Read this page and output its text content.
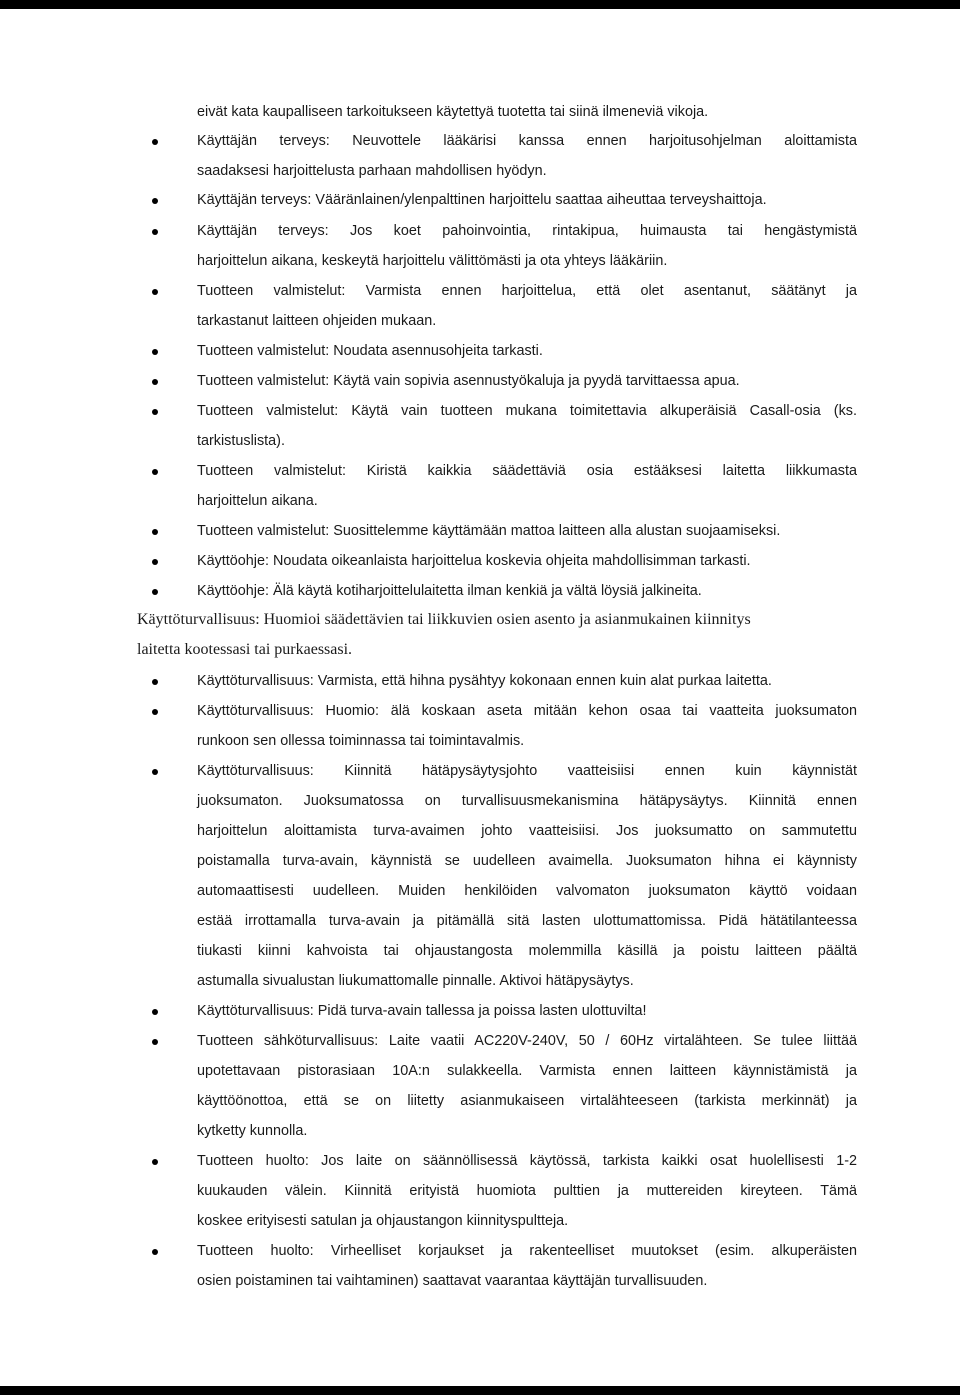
eivät kata kaupalliseen tarkoitukseen käytettyä tuotetta tai siinä ilmeneviä vikoja.
Käyttäjän terveys: Neuvottele lääkärisi kanssa ennen harjoitusohjelman aloittamista
saadaksesi harjoittelusta parhaan mahdollisen hyödyn.
Käyttäjän terveys: Vääränlainen/ylenpalttinen harjoittelu saattaa aiheuttaa terveyshaittoja.
Käyttäjän terveys: Jos koet pahoinvointia, rintakipua, huimausta tai hengästymistä
harjoittelun aikana, keskeytä harjoittelu välittömästi ja ota yhteys lääkäriin.
Tuotteen valmistelut: Varmista ennen harjoittelua, että olet asentanut, säätänyt ja
tarkastanut laitteen ohjeiden mukaan.
Tuotteen valmistelut: Noudata asennusohjeita tarkasti.
Tuotteen valmistelut: Käytä vain sopivia asennustyökaluja ja pyydä tarvittaessa apua.
Tuotteen valmistelut: Käytä vain tuotteen mukana toimitettavia alkuperäisiä Casall-osia (ks.
tarkistuslista).
Tuotteen valmistelut: Kiristä kaikkia säädettäviä osia estääksesi laitetta liikkumasta
harjoittelun aikana.
Tuotteen valmistelut: Suosittelemme käyttämään mattoa laitteen alla alustan suojaamiseksi.
Käyttöohje: Noudata oikeanlaista harjoittelua koskevia ohjeita mahdollisimman tarkasti.
Käyttöohje: Älä käytä kotiharjoittelulaitetta ilman kenkiä ja vältä löysiä jalkineita.
Käyttöturvallisuus: Huomioi säädettävien tai liikkuvien osien asento ja asianmukainen kiinnitys
laitetta kootessasi tai purkaessasi.
Käyttöturvallisuus: Varmista, että hihna pysähtyy kokonaan ennen kuin alat purkaa laitetta.
Käyttöturvallisuus: Huomio: älä koskaan aseta mitään kehon osaa tai vaatteita juoksumaton
runkoon sen ollessa toiminnassa tai toimintavalmis.
Käyttöturvallisuus: Kiinnitä hätäpysäytysjohto vaatteisiisi ennen kuin käynnistät
juoksumaton. Juoksumatossa on turvallisuusmekanismina hätäpysäytys. Kiinnitä ennen
harjoittelun aloittamista turva-avaimen johto vaatteisiisi. Jos juoksumatto on sammutettu
poistamalla turva-avain, käynnistä se uudelleen avaimella. Juoksumaton hihna ei käynnisty
automaattisesti uudelleen. Muiden henkilöiden valvomaton juoksumaton käyttö voidaan
estää irrottamalla turva-avain ja pitämällä sitä lasten ulottumattomissa. Pidä hätätilanteessa
tiukasti kiinni kahvoista tai ohjaustangosta molemmilla käsillä ja poistu laitteen päältä
astumalla sivualustan liukumattomalle pinnalle. Aktivoi hätäpysäytys.
Käyttöturvallisuus: Pidä turva-avain tallessa ja poissa lasten ulottuvilta!
Tuotteen sähköturvallisuus: Laite vaatii AC220V-240V, 50 / 60Hz virtalähteen. Se tulee liittää
upotettavaan pistorasiaan 10A:n sulakkeella. Varmista ennen laitteen käynnistämistä ja
käyttöönottoa, että se on liitetty asianmukaiseen virtalähteeseen (tarkista merkinnät) ja
kytketty kunnolla.
Tuotteen huolto: Jos laite on säännöllisessä käytössä, tarkista kaikki osat huolellisesti 1-2
kuukauden välein. Kiinnitä erityistä huomiota pulttien ja muttereiden kireyteen. Tämä
koskee erityisesti satulan ja ohjaustangon kiinnityspultteja.
Tuotteen huolto: Virheelliset korjaukset ja rakenteelliset muutokset (esim. alkuperäisten
osien poistaminen tai vaihtaminen) saattavat vaarantaa käyttäjän turvallisuuden.
